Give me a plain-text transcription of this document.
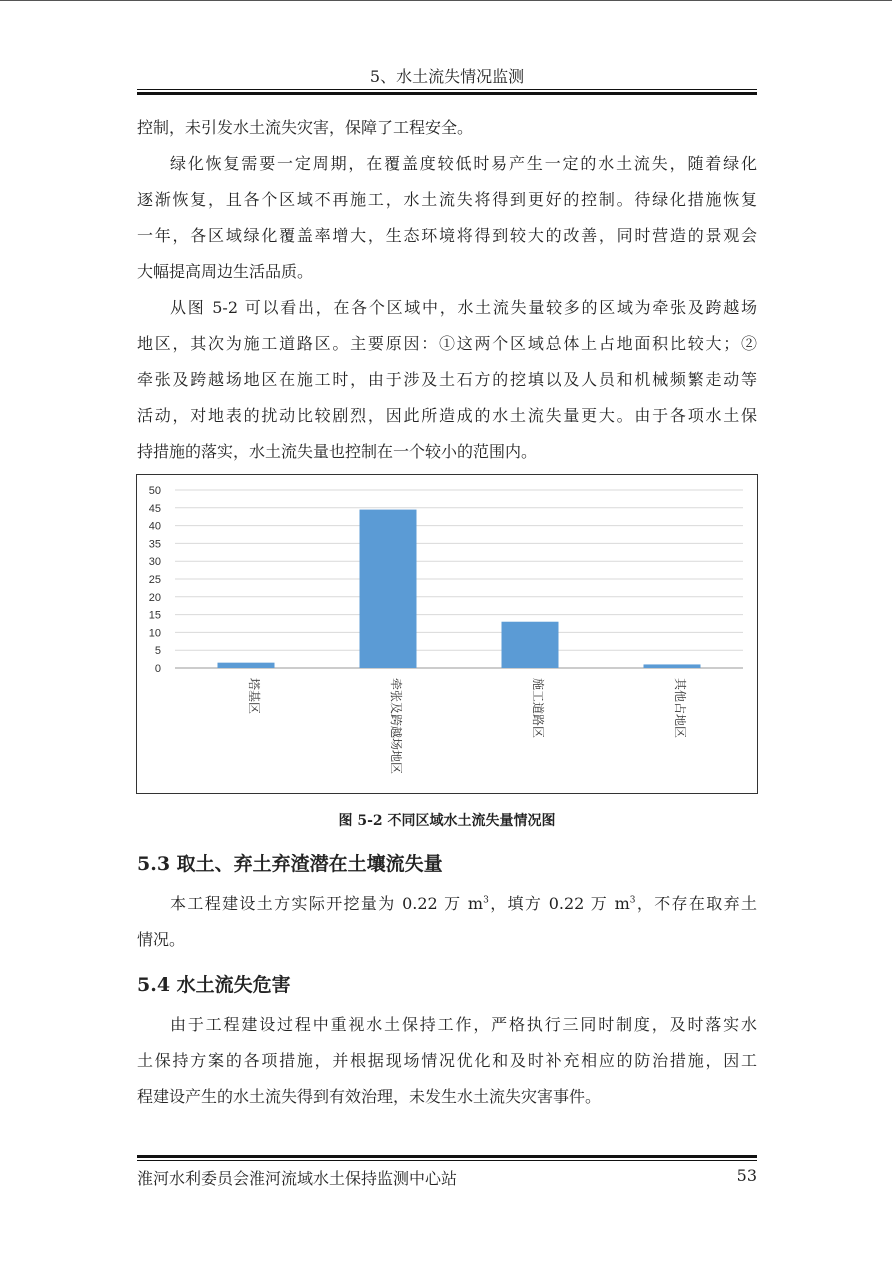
5、水土流失情况监测
控制，未引发水土流失灾害，保障了工程安全。
绿化恢复需要一定周期，在覆盖度较低时易产生一定的水土流失，随着绿化
逐渐恢复，且各个区域不再施工，水土流失将得到更好的控制。待绿化措施恢复
一年，各区域绿化覆盖率增大，生态环境将得到较大的改善，同时营造的景观会
大幅提高周边生活品质。
从图 5-2 可以看出，在各个区域中，水土流失量较多的区域为牵张及跨越场
地区，其次为施工道路区。主要原因：①这两个区域总体上占地面积比较大；②
牵张及跨越场地区在施工时，由于涉及土石方的挖填以及人员和机械频繁走动等
活动，对地表的扰动比较剧烈，因此所造成的水土流失量更大。由于各项水土保
持措施的落实，水土流失量也控制在一个较小的范围内。
0
5
10
15
20
25
30
35
40
45
50
塔基区	牵张及跨越场地区	施工道路区	其他占地区
图 5-2 不同区域水土流失量情况图
5.3 取土、弃土弃渣潜在土壤流失量
本工程建设土方实际开挖量为 0.22 万 $m^3$，填方 0.22 万 $m^3$，不存在取弃土
情况。
5.4 水土流失危害
由于工程建设过程中重视水土保持工作，严格执行三同时制度，及时落实水
土保持方案的各项措施，并根据现场情况优化和及时补充相应的防治措施，因工
程建设产生的水土流失得到有效治理，未发生水土流失灾害事件。
淮河水利委员会淮河流域水土保持监测中心站	53
